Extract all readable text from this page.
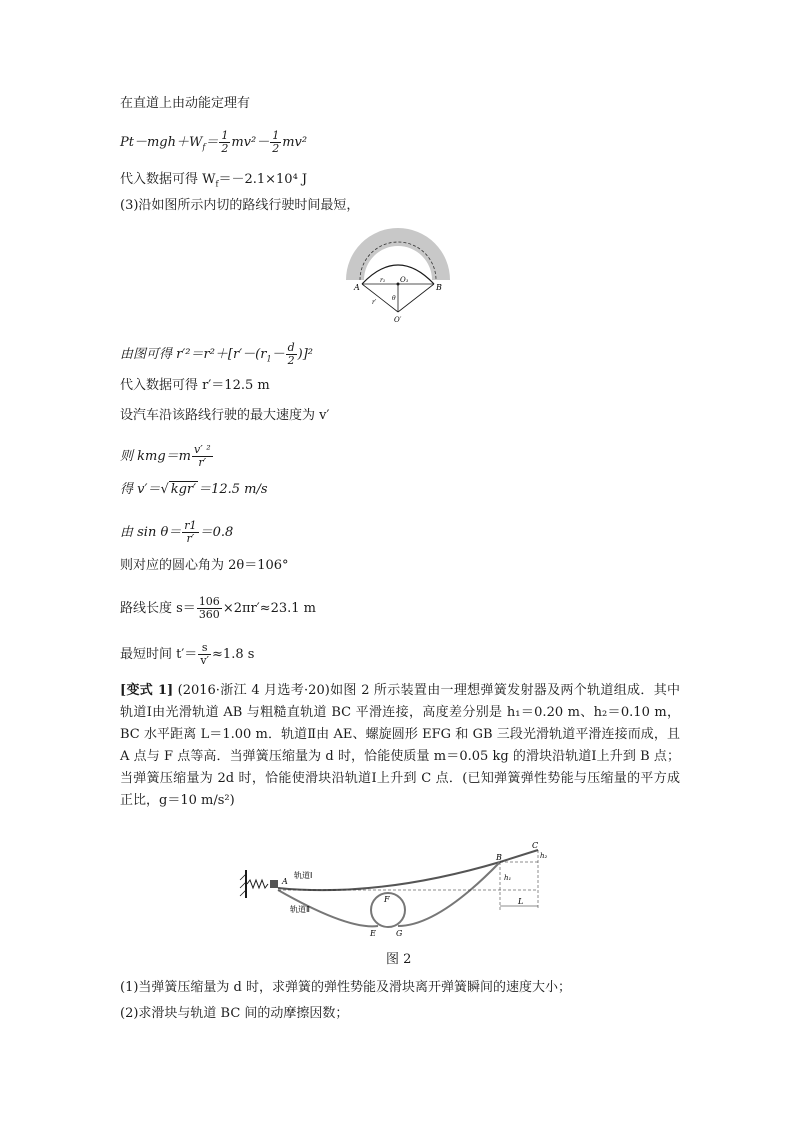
在直道上由动能定理有
$Pt-mgh+W_f= \frac{1}{2} mv^2- \frac{1}{2} mv^2$
代入数据可得 $W_f=-2.1\times 10^4$ J
(3)沿如图所示内切的路线行驶时间最短，
A	B
O₁
r₁
r′
θ
O′
由图可得 $r'^2=r^2+[r'-(r_1- \frac{d}{2} )]^2$
代入数据可得 r′＝12.5 m
设汽车沿该路线行驶的最大速度为 v′
则 $kmg=m \frac{\text{v′ ²}}{r'}$
得 v′＝√ kgr′ ＝12.5 m/s
由 $\sin \theta= \frac{r1}{r'} =0.8$
则对应的圆心角为 2θ＝106°
路线长度 $s= \frac{106}{360} \times 2\pi r'\approx 23.1$ m
最短时间 $t'= \frac{s}{v'} \approx 1.8$ s
[变式 1] (2016·浙江 4 月选考·20)如图 2 所示装置由一理想弹簧发射器及两个轨道组成．其中轨道Ⅰ由光滑轨道 AB 与粗糙直轨道 BC 平滑连接，高度差分别是 h₁＝0.20 m、h₂＝0.10 m，BC 水平距离 L＝1.00 m．轨道Ⅱ由 AE、螺旋圆形 EFG 和 GB 三段光滑轨道平滑连接而成，且 A 点与 F 点等高．当弹簧压缩量为 d 时，恰能使质量 m＝0.05 kg 的滑块沿轨道Ⅰ上升到 B 点；当弹簧压缩量为 2d 时，恰能使滑块沿轨道Ⅰ上升到 C 点．(已知弹簧弹性势能与压缩量的平方成正比，g＝10 m/s²)
A
B
C
h₂
h₁
L
F
E	G
轨道Ⅰ
轨道Ⅱ
图 2
(1)当弹簧压缩量为 d 时，求弹簧的弹性势能及滑块离开弹簧瞬间的速度大小；
(2)求滑块与轨道 BC 间的动摩擦因数；
